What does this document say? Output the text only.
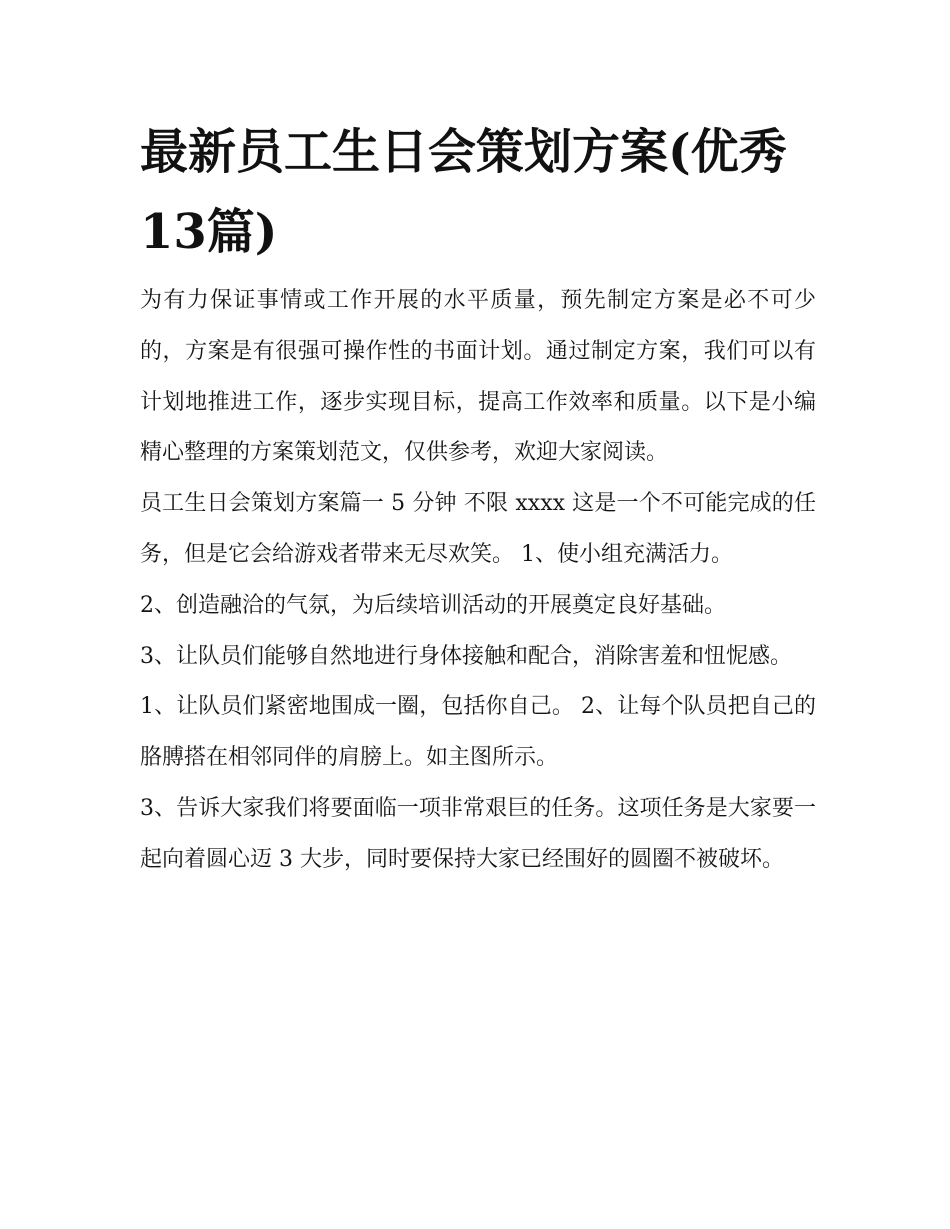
最新员工生日会策划方案(优秀13篇)

为有力保证事情或工作开展的水平质量，预先制定方案是必不可少的，方案是有很强可操作性的书面计划。通过制定方案，我们可以有计划地推进工作，逐步实现目标，提高工作效率和质量。以下是小编精心整理的方案策划范文，仅供参考，欢迎大家阅读。

员工生日会策划方案篇一 5 分钟 不限 xxxx 这是一个不可能完成的任务，但是它会给游戏者带来无尽欢笑。 1、使小组充满活力。

2、创造融洽的气氛，为后续培训活动的开展奠定良好基础。

3、让队员们能够自然地进行身体接触和配合，消除害羞和忸怩感。

1、让队员们紧密地围成一圈，包括你自己。 2、让每个队员把自己的胳膊搭在相邻同伴的肩膀上。如主图所示。

3、告诉大家我们将要面临一项非常艰巨的任务。这项任务是大家要一起向着圆心迈 3 大步，同时要保持大家已经围好的圆圈不被破坏。
